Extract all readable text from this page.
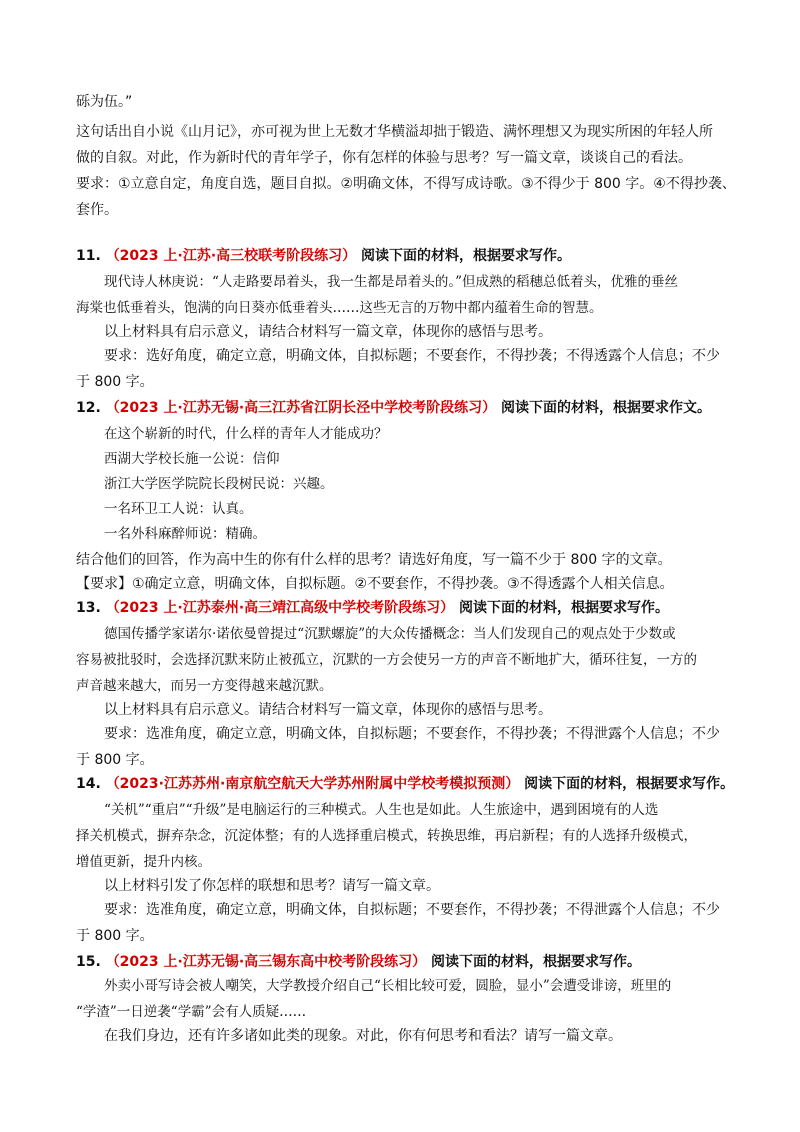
砾为伍。”
这句话出自小说《山月记》，亦可视为世上无数才华横溢却拙于锻造、满怀理想又为现实所困的年轻人所
做的自叙。对此，作为新时代的青年学子，你有怎样的体验与思考？写一篇文章，谈谈自己的看法。
要求：①立意自定，角度自选，题目自拟。②明确文体，不得写成诗歌。③不得少于 800 字。④不得抄袭、
套作。
11. （2023 上·江苏·高三校联考阶段练习） 阅读下面的材料，根据要求写作。
现代诗人林庚说：“人走路要昂着头，我一生都是昂着头的。”但成熟的稻穗总低着头，优雅的垂丝
海棠也低垂着头，饱满的向日葵亦低垂着头……这些无言的万物中都内蕴着生命的智慧。
以上材料具有启示意义，请结合材料写一篇文章，体现你的感悟与思考。
要求：选好角度，确定立意，明确文体，自拟标题；不要套作，不得抄袭；不得透露个人信息；不少
于 800 字。
12. （2023 上·江苏无锡·高三江苏省江阴长泾中学校考阶段练习） 阅读下面的材料，根据要求作文。
在这个崭新的时代，什么样的青年人才能成功？
西湖大学校长施一公说：信仰
浙江大学医学院院长段树民说：兴趣。
一名环卫工人说：认真。
一名外科麻醉师说：精确。
结合他们的回答，作为高中生的你有什么样的思考？请选好角度，写一篇不少于 800 字的文章。
【要求】①确定立意，明确文体，自拟标题。②不要套作，不得抄袭。③不得透露个人相关信息。
13. （2023 上·江苏泰州·高三靖江高级中学校考阶段练习） 阅读下面的材料，根据要求写作。
德国传播学家诺尔·诺依曼曾提过“沉默螺旋”的大众传播概念：当人们发现自己的观点处于少数或
容易被批驳时，会选择沉默来防止被孤立，沉默的一方会使另一方的声音不断地扩大，循环往复，一方的
声音越来越大，而另一方变得越来越沉默。
以上材料具有启示意义。请结合材料写一篇文章，体现你的感悟与思考。
要求：选准角度，确定立意，明确文体，自拟标题；不要套作，不得抄袭；不得泄露个人信息；不少
于 800 字。
14. （2023·江苏苏州·南京航空航天大学苏州附属中学校考模拟预测） 阅读下面的材料，根据要求写作。
“关机”“重启”“升级”是电脑运行的三种模式。人生也是如此。人生旅途中，遇到困境有的人选
择关机模式，摒弃杂念，沉淀体整；有的人选择重启模式，转换思维，再启新程；有的人选择升级模式，
增值更新，提升内核。
以上材料引发了你怎样的联想和思考？请写一篇文章。
要求：选准角度，确定立意，明确文体，自拟标题；不要套作，不得抄袭；不得泄露个人信息；不少
于 800 字。
15. （2023 上·江苏无锡·高三锡东高中校考阶段练习） 阅读下面的材料，根据要求写作。
外卖小哥写诗会被人嘲笑，大学教授介绍自己“长相比较可爱，圆脸，显小”会遭受诽谤，班里的
“学渣”一日逆袭“学霸”会有人质疑……
在我们身边，还有许多诸如此类的现象。对此，你有何思考和看法？请写一篇文章。
